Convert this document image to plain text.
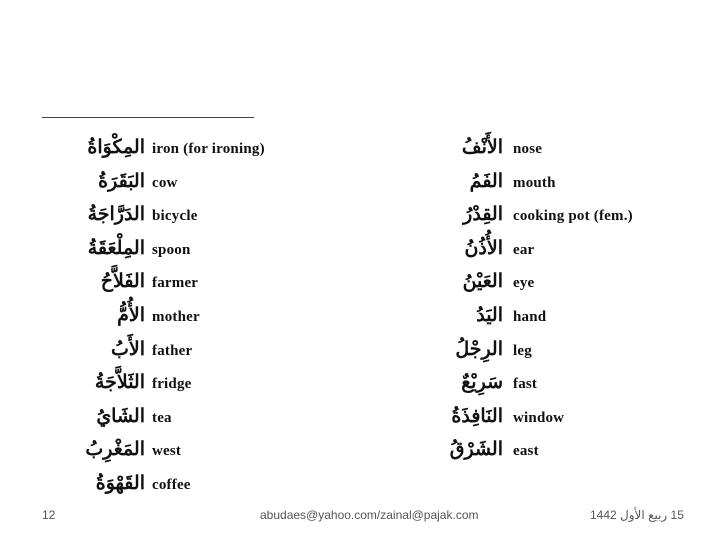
المِكْوَاةُ iron (for ironing)
البَقَرَةُ cow
الدَرَّاجَةُ bicycle
المِلْعَقَةُ spoon
الفَلاَّحُ farmer
الأُمُّ mother
الأَبُ father
الثَلاَّجَةُ fridge
الشَايُ tea
المَغْرِبُ west
القَهْوَةُ coffee
الأَنْفُ nose
الفَمُ mouth
القِدْرُ cooking pot (fem.)
الأُذُنُ ear
العَيْنُ eye
اليَدُ hand
الرِجْلُ leg
سَرِيْعٌ fast
النَافِذَةُ window
الشَرْقُ east
12	abudaes@yahoo.com/zainal@pajak.com	15 ربيع الأول 1442
